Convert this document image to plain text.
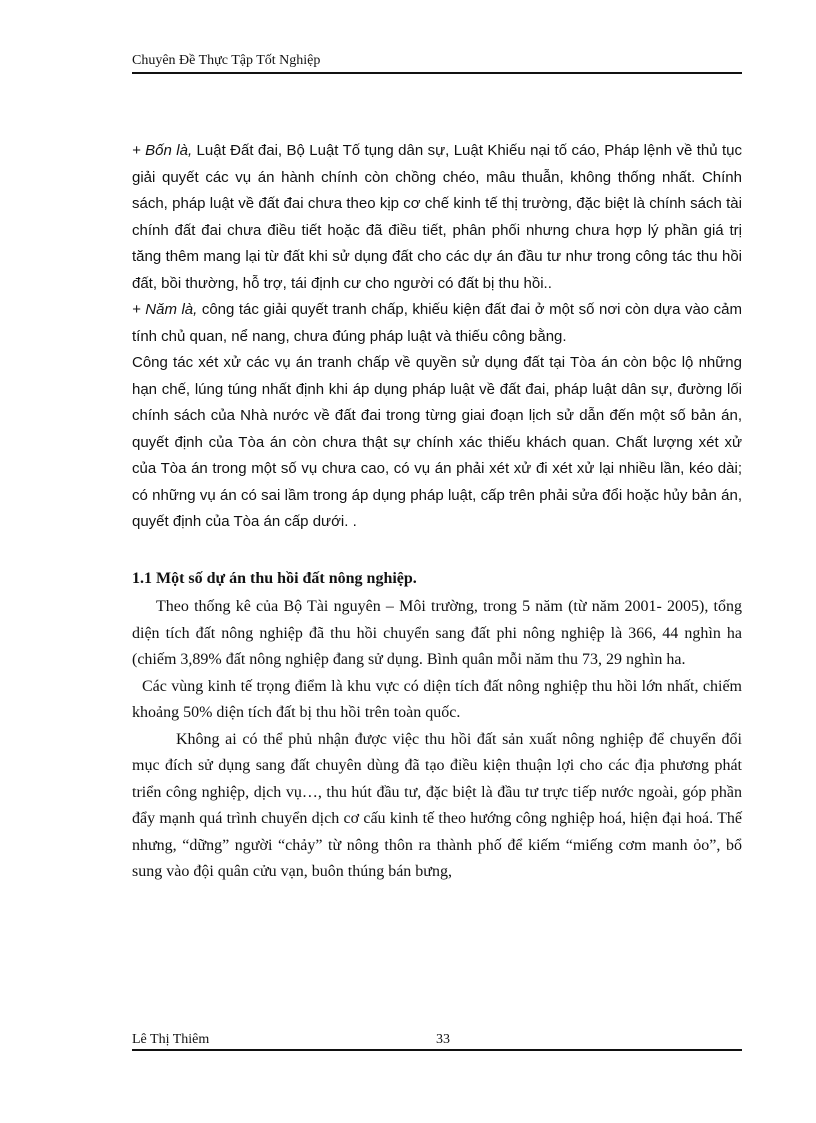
Chuyên Đề Thực Tập Tốt Nghiệp

+ Bốn là, Luật Đất đai, Bộ Luật Tố tụng dân sự, Luật Khiếu nại tố cáo, Pháp lệnh về thủ tục giải quyết các vụ án hành chính còn chồng chéo, mâu thuẫn, không thống nhất. Chính sách, pháp luật về đất đai chưa theo kịp cơ chế kinh tế thị trường, đặc biệt là chính sách tài chính đất đai chưa điều tiết hoặc đã điều tiết, phân phối nhưng chưa hợp lý phần giá trị tăng thêm mang lại từ đất khi sử dụng đất cho các dự án đầu tư như trong công tác thu hồi đất, bồi thường, hỗ trợ, tái định cư cho người có đất bị thu hồi..

+ Năm là, công tác giải quyết tranh chấp, khiếu kiện đất đai ở một số nơi còn dựa vào cảm tính chủ quan, nể nang, chưa đúng pháp luật và thiếu công bằng.

Công tác xét xử các vụ án tranh chấp về quyền sử dụng đất tại Tòa án còn bộc lộ những hạn chế, lúng túng nhất định khi áp dụng pháp luật về đất đai, pháp luật dân sự, đường lối chính sách của Nhà nước về đất đai trong từng giai đoạn lịch sử dẫn đến một số bản án, quyết định của Tòa án còn chưa thật sự chính xác thiếu khách quan. Chất lượng xét xử của Tòa án trong một số vụ chưa cao, có vụ án phải xét xử đi xét xử lại nhiều lần, kéo dài; có những vụ án có sai lầm trong áp dụng pháp luật, cấp trên phải sửa đổi hoặc hủy bản án, quyết định của Tòa án cấp dưới. .

1.1 Một số dự án thu hồi đất nông nghiệp.

Theo thống kê của Bộ Tài nguyên – Môi trường, trong 5 năm (từ năm 2001- 2005), tổng diện tích đất nông nghiệp đã thu hồi chuyển sang đất phi nông nghiệp là 366, 44 nghìn ha (chiếm 3,89% đất nông nghiệp đang sử dụng. Bình quân mỗi năm thu 73, 29 nghìn ha.

Các vùng kinh tế trọng điểm là khu vực có diện tích đất nông nghiệp thu hồi lớn nhất, chiếm khoảng 50% diện tích đất bị thu hồi trên toàn quốc.

Không ai có thể phủ nhận được việc thu hồi đất sản xuất nông nghiệp để chuyển đổi mục đích sử dụng sang đất chuyên dùng đã tạo điều kiện thuận lợi cho các địa phương phát triển công nghiệp, dịch vụ…, thu hút đầu tư, đặc biệt là đầu tư trực tiếp nước ngoài, góp phần đẩy mạnh quá trình chuyển dịch cơ cấu kinh tế theo hướng công nghiệp hoá, hiện đại hoá. Thế nhưng, “dững” người “chảy” từ nông thôn ra thành phố để kiếm “miếng cơm manh ỏo”, bổ sung vào đội quân cửu vạn, buôn thúng bán bưng,

Lê Thị Thiêm	33
